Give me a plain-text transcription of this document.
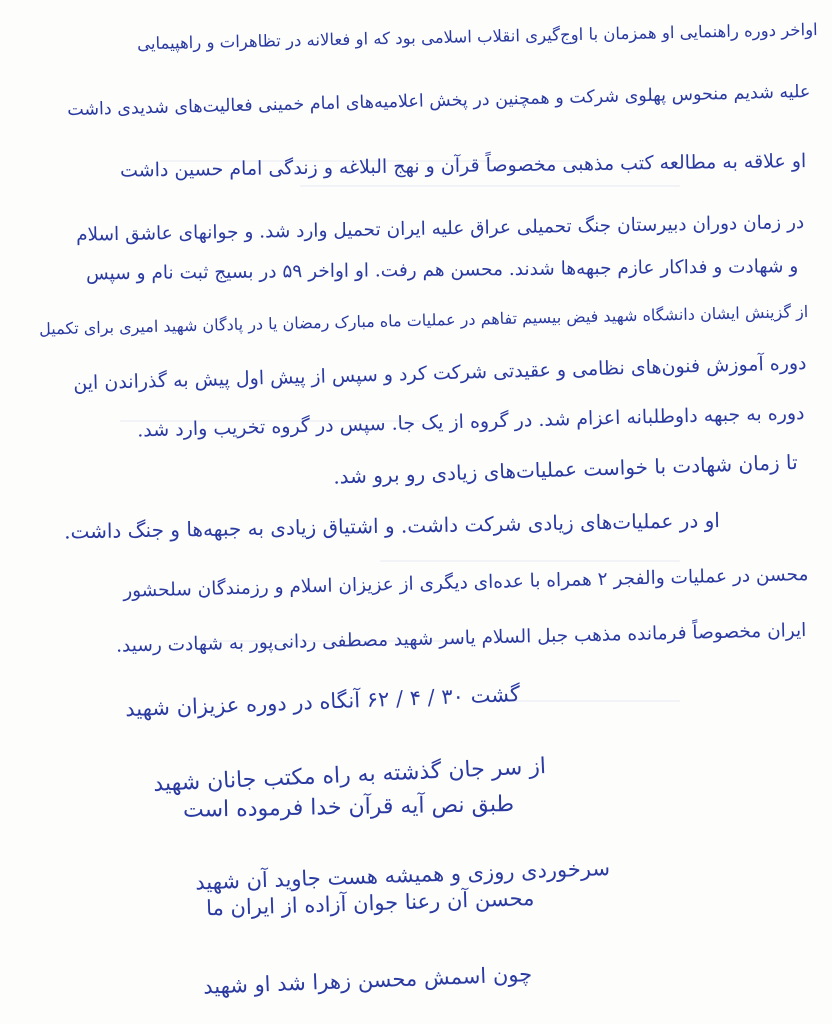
اواخر دوره راهنمایی او همزمان با اوج‌گیری انقلاب اسلامی بود که او فعالانه در تظاهرات و راهپیمایی
علیه شدیم منحوس پهلوی شرکت و همچنین در پخش اعلامیه‌های امام خمینی فعالیت‌های شدیدی داشت
او علاقه به مطالعه کتب مذهبی مخصوصاً قرآن و نهج البلاغه و زندگی امام حسین داشت
در زمان دوران دبیرستان جنگ تحمیلی عراق علیه ایران تحمیل وارد شد. و جوانهای عاشق اسلام
و شهادت و فداکار عازم جبهه‌ها شدند. محسن هم رفت. او اواخر ۵۹ در بسیج ثبت نام و سپس
از گزینش ایشان دانشگاه شهید فیض بیسیم تفاهم در عملیات ماه مبارک رمضان یا در پادگان شهید امیری برای تکمیل
دوره آموزش فنون‌های نظامی و عقیدتی شرکت کرد و سپس از پیش اول پیش به گذراندن این
دوره به جبهه داوطلبانه اعزام شد. در گروه از یک جا. سپس در گروه تخریب وارد شد.
تا زمان شهادت با خواست عملیات‌های زیادی رو برو شد.
او در عملیات‌های زیادی شرکت داشت. و اشتیاق زیادی به جبهه‌ها و جنگ داشت.
محسن در عملیات والفجر ۲ همراه با عده‌ای دیگری از عزیزان اسلام و رزمندگان سلحشور
ایران مخصوصاً فرمانده مذهب جبل السلام یاسر شهید مصطفی ردانی‌پور به شهادت رسید.
گشت ۳۰ / ۴ / ۶۲ آنگاه در دوره عزیزان شهید
از سر جان گذشته به راه مکتب جانان شهید
طبق نص آیه قرآن خدا فرموده است
سرخوردی روزی و همیشه هست جاوید آن شهید
محسن آن رعنا جوان آزاده از ایران ما
چون اسمش محسن زهرا شد او شهید
